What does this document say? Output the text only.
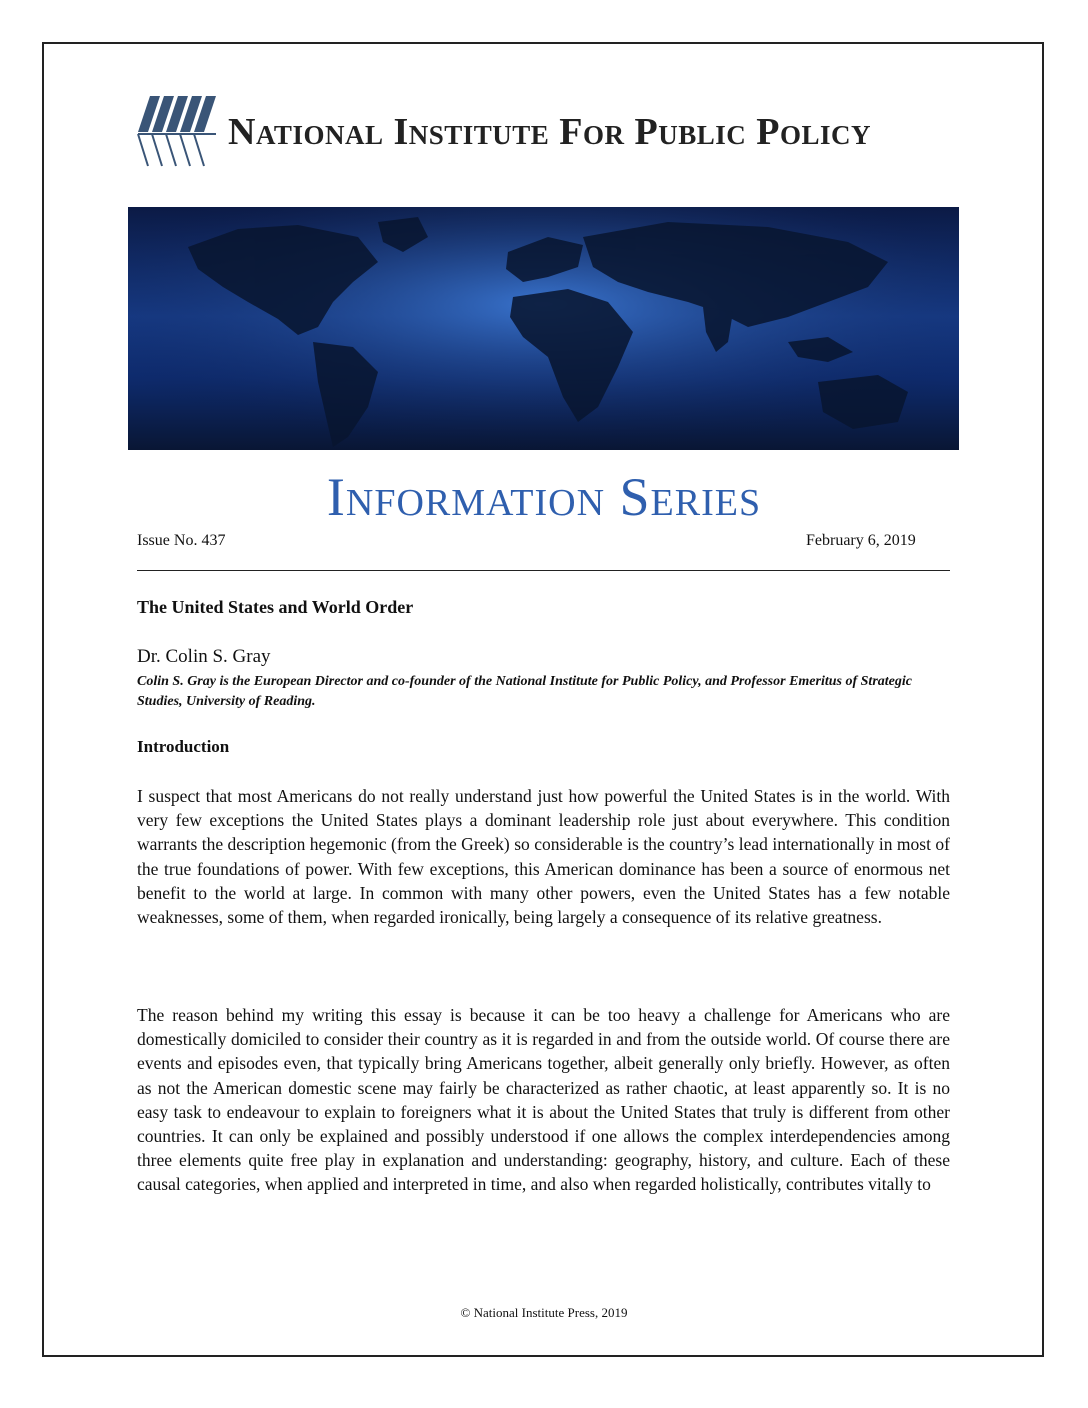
National Institute For Public Policy
Information Series
Issue No. 437	February 6, 2019
The United States and World Order
Dr. Colin S. Gray
Colin S. Gray is the European Director and co-founder of the National Institute for Public Policy, and Professor Emeritus of Strategic Studies, University of Reading.
Introduction

I suspect that most Americans do not really understand just how powerful the United States is in the world. With very few exceptions the United States plays a dominant leadership role just about everywhere. This condition warrants the description hegemonic (from the Greek) so considerable is the country’s lead internationally in most of the true foundations of power. With few exceptions, this American dominance has been a source of enormous net benefit to the world at large. In common with many other powers, even the United States has a few notable weaknesses, some of them, when regarded ironically, being largely a consequence of its relative greatness.

The reason behind my writing this essay is because it can be too heavy a challenge for Americans who are domestically domiciled to consider their country as it is regarded in and from the outside world. Of course there are events and episodes even, that typically bring Americans together, albeit generally only briefly. However, as often as not the American domestic scene may fairly be characterized as rather chaotic, at least apparently so. It is no easy task to endeavour to explain to foreigners what it is about the United States that truly is different from other countries. It can only be explained and possibly understood if one allows the complex interdependencies among three elements quite free play in explanation and understanding: geography, history, and culture. Each of these causal categories, when applied and interpreted in time, and also when regarded holistically, contributes vitally to

© National Institute Press, 2019
